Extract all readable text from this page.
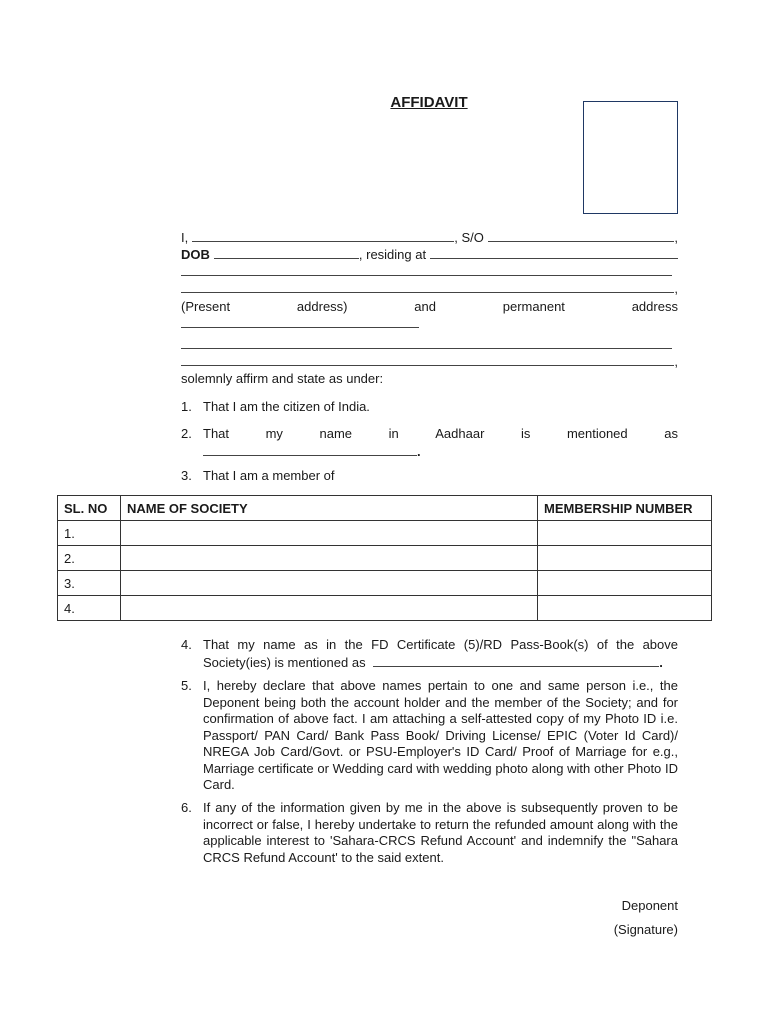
AFFIDAVIT
I,	, S/O	,
DOB	, residing at
,
(Present	address)	and	permanent	address
,
solemnly affirm and state as under:
1. That I am the citizen of India.
2. That	my	name	in	Aadhaar	is	mentioned	as
.
3. That I am a member of
SL. NO	NAME OF SOCIETY	MEMBERSHIP NUMBER
1.		
2.		
3.		
4.		
4. That my name as in the FD Certificate (5)/RD Pass-Book(s) of the above Society(ies) is mentioned as	.
5. I, hereby declare that above names pertain to one and same person i.e., the Deponent being both the account holder and the member of the Society; and for confirmation of above fact. I am attaching a self-attested copy of my Photo ID i.e. Passport/ PAN Card/ Bank Pass Book/ Driving License/ EPIC (Voter Id Card)/ NREGA Job Card/Govt. or PSU-Employer's ID Card/ Proof of Marriage for e.g., Marriage certificate or Wedding card with wedding photo along with other Photo ID Card.
6. If any of the information given by me in the above is subsequently proven to be incorrect or false, I hereby undertake to return the refunded amount along with the applicable interest to 'Sahara-CRCS Refund Account' and indemnify the "Sahara CRCS Refund Account' to the said extent.
Deponent
(Signature)
